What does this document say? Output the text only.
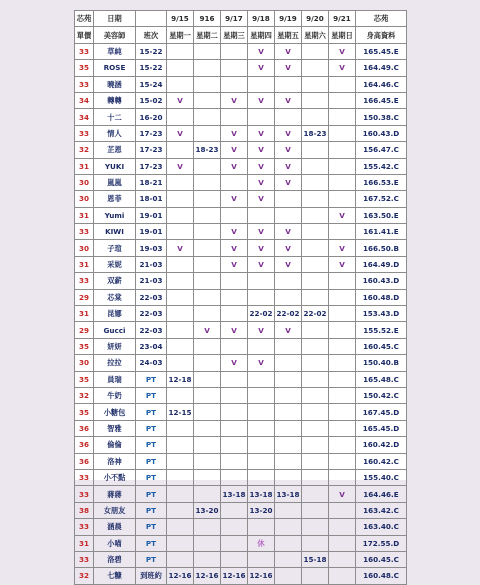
芯苑	日期		9/15	916	9/17	9/18	9/19	9/20	9/21	芯苑
單價	美容師	班次	星期一	星期二	星期三	星期四	星期五	星期六	星期日	身高資料
33	草純	15-22				V	V		V	165.45.E
35	ROSE	15-22				V	V		V	164.49.C
33	曉涵	15-24								164.46.C
34	轉轉	15-02	V		V	V	V			166.45.E
34	十二	16-20								150.38.C
33	情人	17-23	V		V	V	V	18-23		160.43.D
32	芷恩	17-23		18-23	V	V	V			156.47.C
31	YUKI	17-23	V		V	V	V			155.42.C
30	嵐嵐	18-21				V	V			166.53.E
30	恩菲	18-01			V	V				167.52.C
31	Yumi	19-01							V	163.50.E
33	KIWI	19-01			V	V	V			161.41.E
30	子瑄	19-03	V		V	V	V		V	166.50.B
31	采妮	21-03			V	V	V		V	164.49.D
33	双薪	21-03								160.43.D
29	芯棠	22-03								160.48.D
31	昆娜	22-03				22-02	22-02	22-02		153.43.D
29	Gucci	22-03		V	V	V	V			155.52.E
35	妍妍	23-04								160.45.C
30	拉拉	24-03			V	V				150.40.B
35	員瑞	PT	12-18							165.48.C
32	牛奶	PT								150.42.C
35	小糖包	PT	12-15							167.45.D
36	智雅	PT								165.45.D
36	倫倫	PT								160.42.D
36	洛神	PT								160.42.C
33	小不點	PT								155.40.C
33	蔣蔣	PT			13-18	13-18	13-18		V	164.46.E
38	女朋友	PT		13-20		13-20				163.42.C
33	涵晨	PT								163.40.C
31	小喵	PT				休				172.55.D
33	洛碧	PT						15-18		160.45.C
32	七糠	到班約	12-16	12-16	12-16	12-16				160.48.C
